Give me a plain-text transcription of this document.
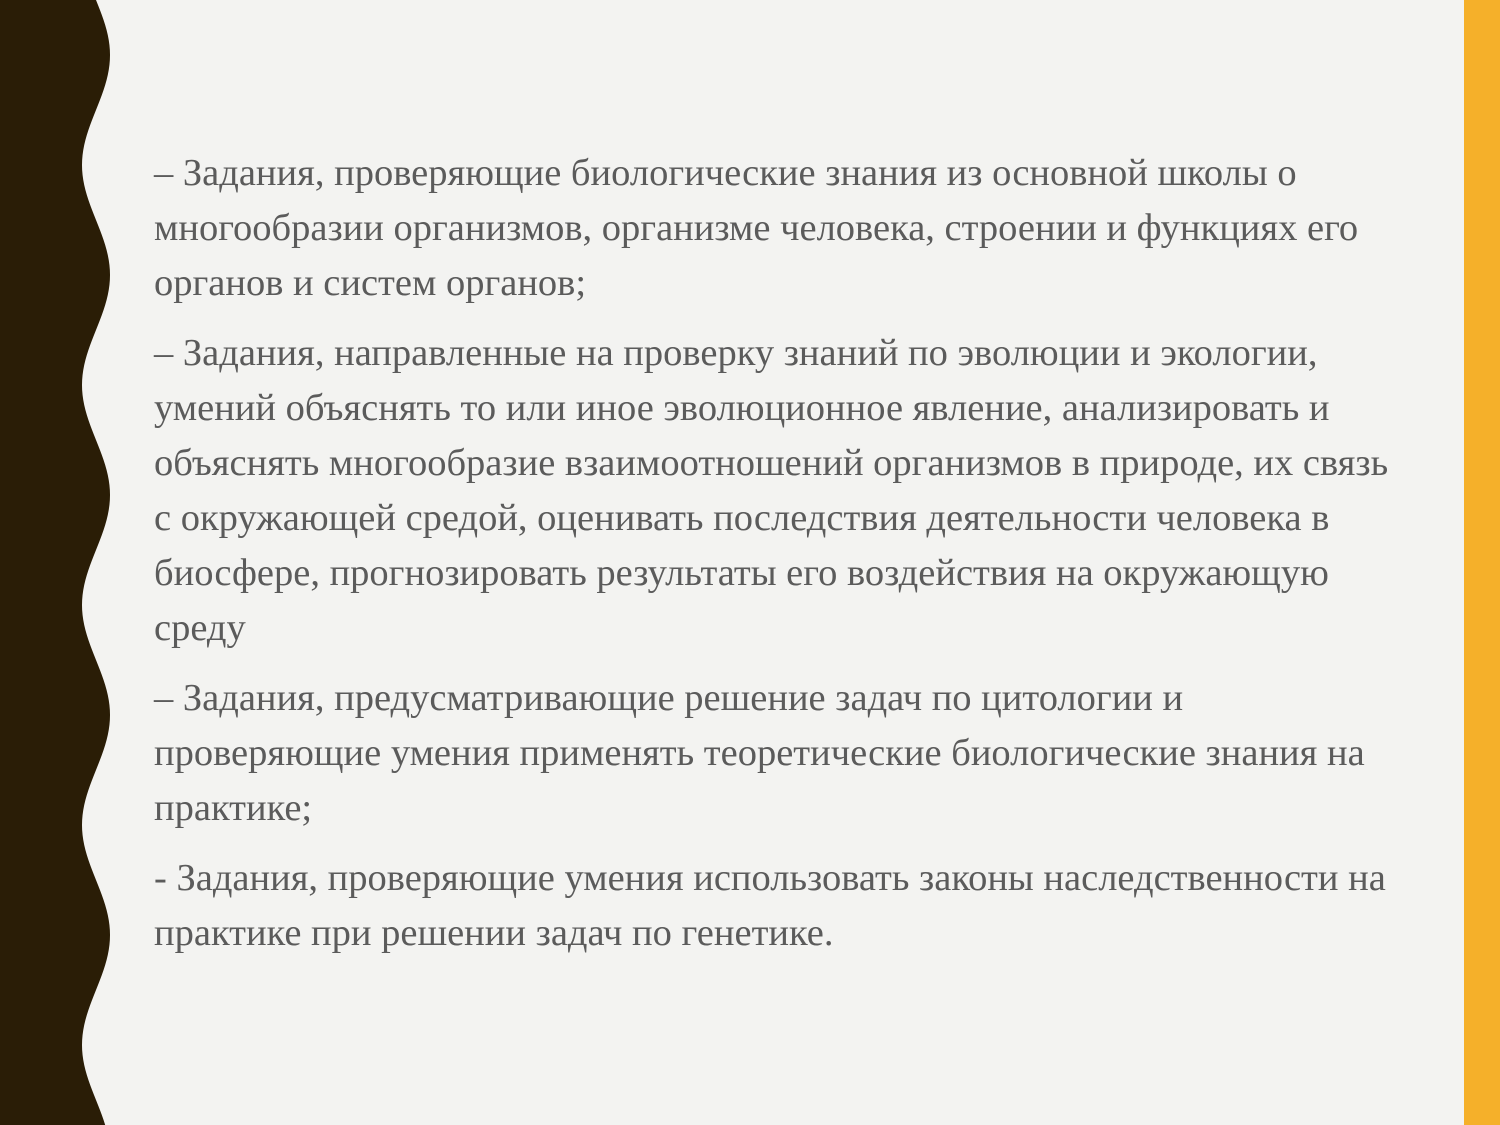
– Задания, проверяющие биологические знания из основной школы о многообразии организмов, организме человека, строении и функциях его органов и систем органов;

– Задания, направленные на проверку знаний по эволюции и экологии, умений объяснять то или иное эволюционное явление, анализировать и объяснять многообразие взаимоотношений организмов в природе, их связь с окружающей средой, оценивать последствия деятельности человека в биосфере, прогнозировать результаты его воздействия на окружающую среду

– Задания, предусматривающие решение задач по цитологии и проверяющие умения применять теоретические биологические знания на практике;

- Задания, проверяющие умения использовать законы наследственности на практике при решении задач по генетике.
